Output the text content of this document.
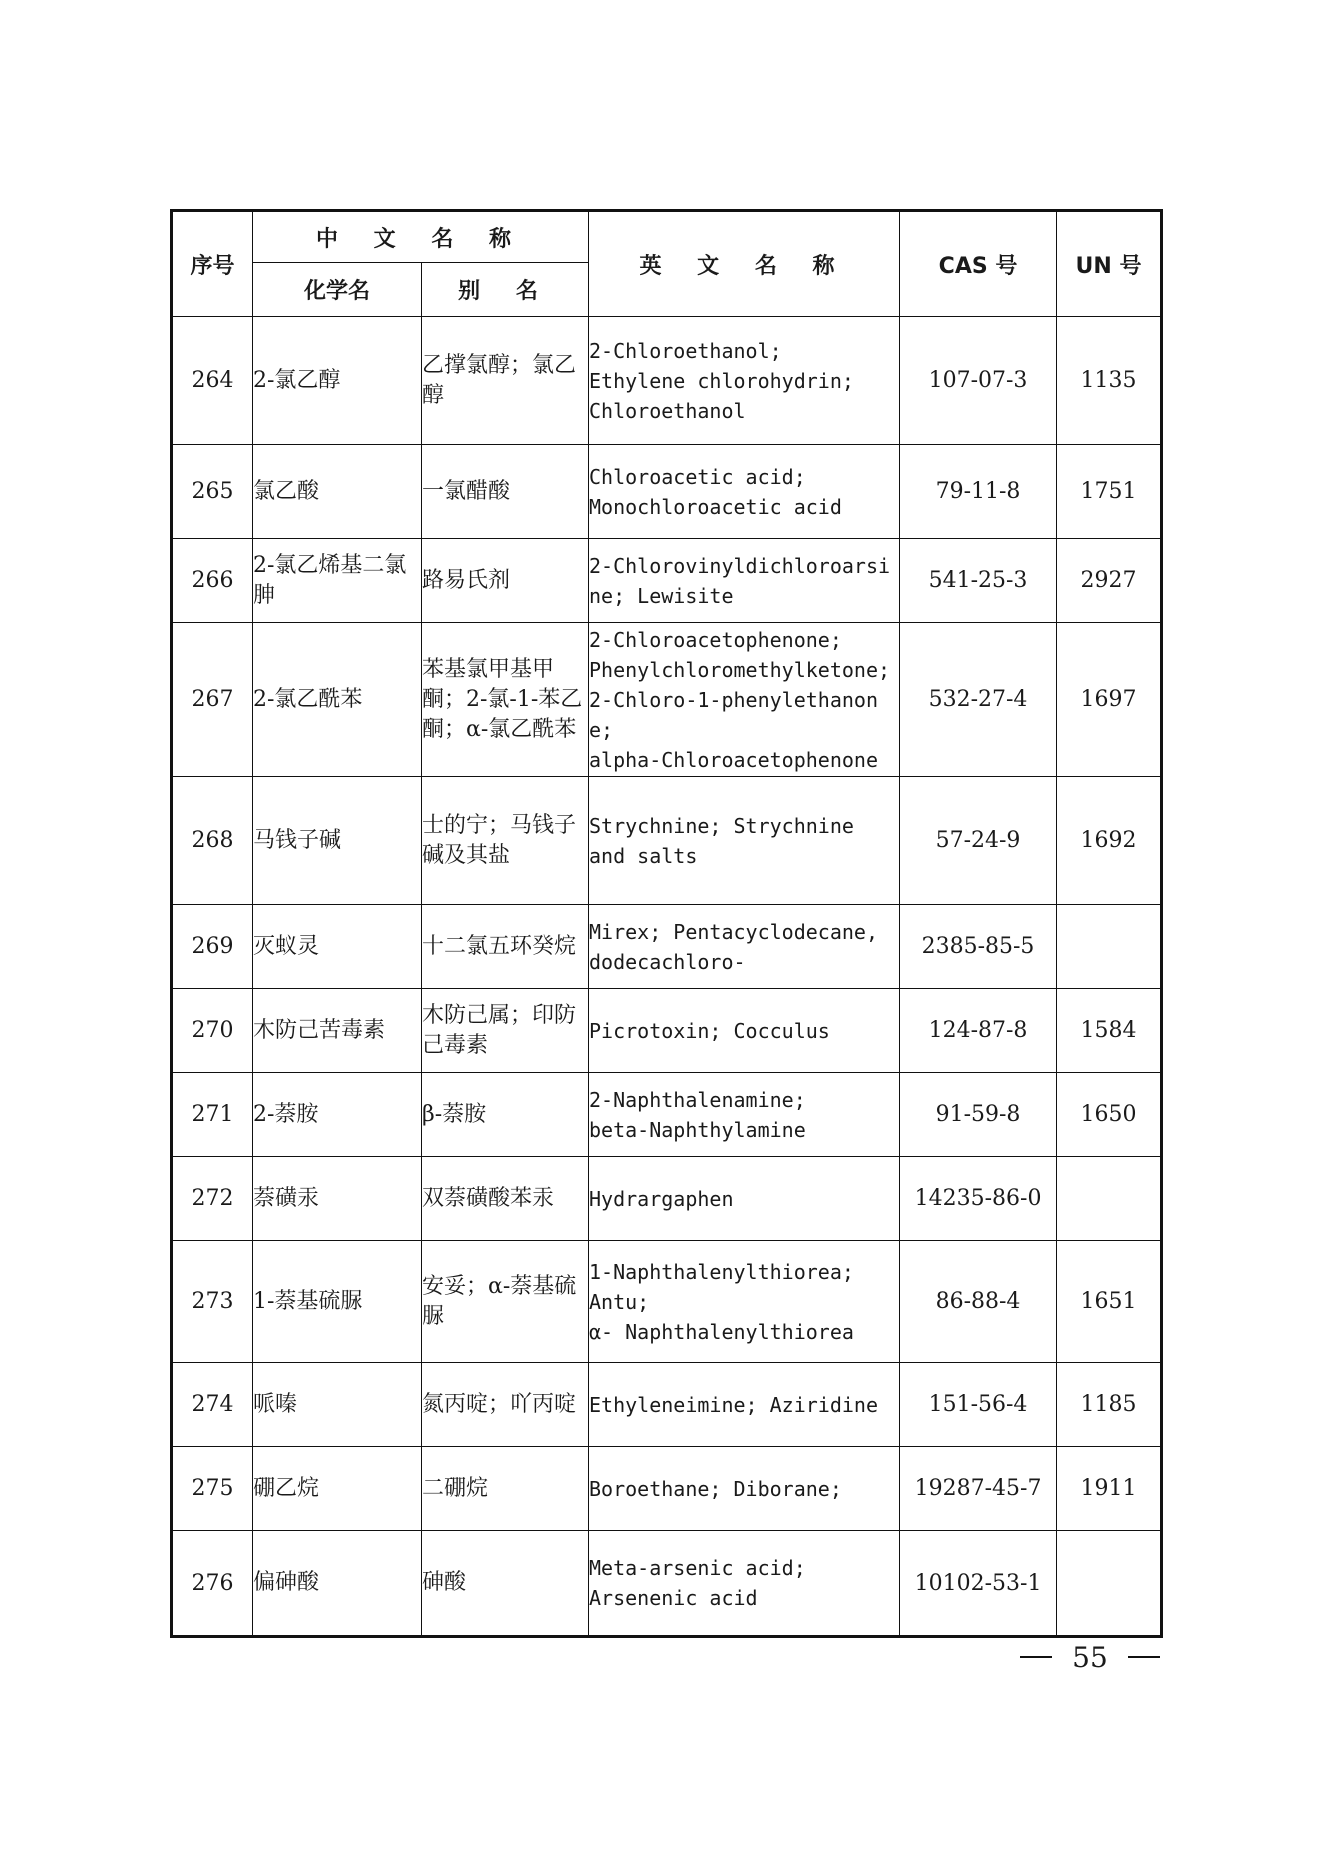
序号	中 文 名 称		英 文 名 称	CAS 号	UN 号
	化学名	别 名			
264	2-氯乙醇	乙撑氯醇；氯乙醇	2-Chloroethanol;
Ethylene chlorohydrin;
Chloroethanol	107-07-3	1135
265	氯乙酸	一氯醋酸	Chloroacetic acid;
Monochloroacetic acid	79-11-8	1751
266	2-氯乙烯基二氯胂	路易氏剂	2-Chlorovinyldichloroarsine; Lewisite	541-25-3	2927
267	2-氯乙酰苯	苯基氯甲基甲酮；2-氯-1-苯乙酮；α-氯乙酰苯	2-Chloroacetophenone;
Phenylchloromethylketone;
2-Chloro-1-phenylethanone;
alpha-Chloroacetophenone	532-27-4	1697
268	马钱子碱	士的宁；马钱子碱及其盐	Strychnine; Strychnine
and salts	57-24-9	1692
269	灭蚁灵	十二氯五环癸烷	Mirex; Pentacyclodecane,
dodecachloro-	2385-85-5	
270	木防己苦毒素	木防己属；印防己毒素	Picrotoxin; Cocculus	124-87-8	1584
271	2-萘胺	β-萘胺	2-Naphthalenamine;
beta-Naphthylamine	91-59-8	1650
272	萘磺汞	双萘磺酸苯汞	Hydrargaphen	14235-86-0	
273	1-萘基硫脲	安妥；α-萘基硫脲	1-Naphthalenylthiorea;
Antu;
α- Naphthalenylthiorea	86-88-4	1651
274	哌嗪	氮丙啶；吖丙啶	Ethyleneimine; Aziridine	151-56-4	1185
275	硼乙烷	二硼烷	Boroethane; Diborane;	19287-45-7	1911
276	偏砷酸	砷酸	Meta-arsenic acid;
Arsenenic acid	10102-53-1	
55
